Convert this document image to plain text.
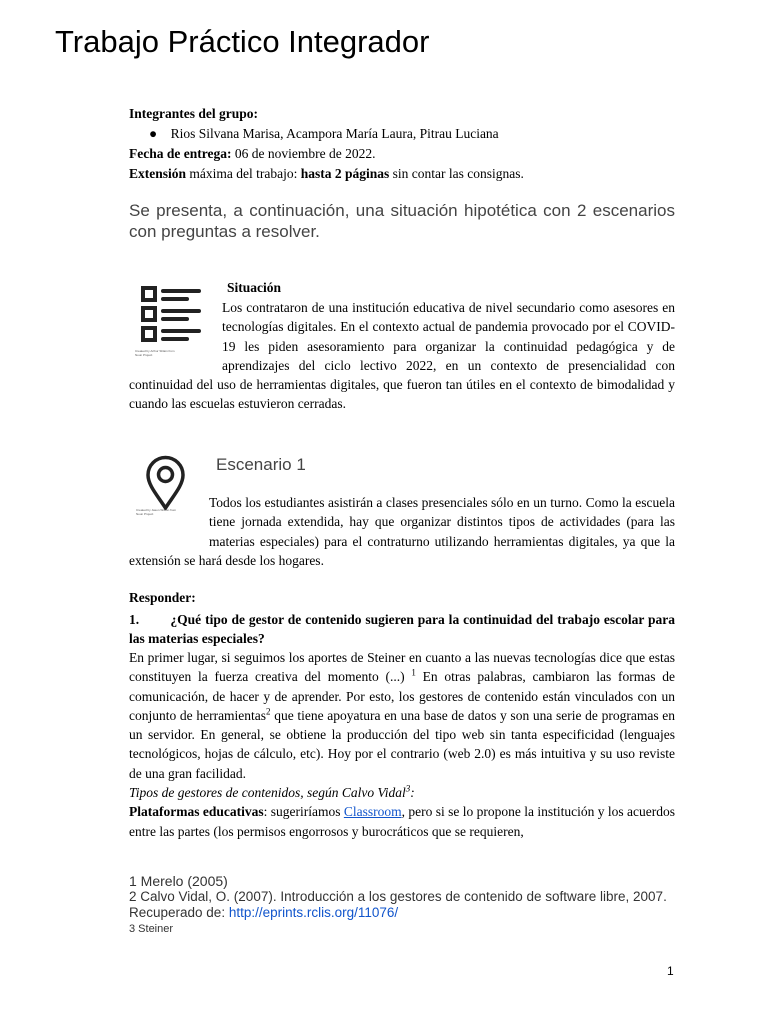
Trabajo Práctico Integrador
Integrantes del grupo:
● Rios Silvana Marisa, Acampora María Laura, Pitrau Luciana
Fecha de entrega: 06 de noviembre de 2022.
Extensión máxima del trabajo: hasta 2 páginas sin contar las consignas.
Se presenta, a continuación, una situación hipotética con 2 escenarios con preguntas a resolver.
Created by Arthur Shlain from Noun Project
Situación
Los contrataron de una institución educativa de nivel secundario como asesores en tecnologías digitales. En el contexto actual de pandemia provocado por el COVID-19 les piden asesoramiento para organizar la continuidad pedagógica y de aprendizajes del ciclo lectivo 2022, en un contexto de presencialidad con continuidad del uso de herramientas digitales, que fueron tan útiles en el contexto de bimodalidad y cuando las escuelas estuvieron cerradas.
Created by Jason Wilson from Noun Project
Escenario 1
Todos los estudiantes asistirán a clases presenciales sólo en un turno. Como la escuela tiene jornada extendida, hay que organizar distintos tipos de actividades (para las materias especiales) para el contraturno utilizando herramientas digitales, ya que la extensión se hará desde los hogares.
Responder:
1. ¿Qué tipo de gestor de contenido sugieren para la continuidad del trabajo escolar para las materias especiales?
En primer lugar, si seguimos los aportes de Steiner en cuanto a las nuevas tecnologías dice que estas constituyen la fuerza creativa del momento (...) $^1$ En otras palabras, cambiaron las formas de comunicación, de hacer y de aprender. Por esto, los gestores de contenido están vinculados con un conjunto de herramientas$^2$ que tiene apoyatura en una base de datos y son una serie de programas en un servidor. En general, se obtiene la producción del tipo web sin tanta especificidad (lenguajes tecnológicos, hojas de cálculo, etc). Hoy por el contrario (web 2.0) es más intuitiva y su uso reviste de una gran facilidad.
Tipos de gestores de contenidos, según Calvo Vidal$^3$:
Plataformas educativas: sugeriríamos Classroom, pero si se lo propone la institución y los acuerdos entre las partes (los permisos engorrosos y burocráticos que se requieren,
1 Merelo (2005)
2 Calvo Vidal, O. (2007). Introducción a los gestores de contenido de software libre, 2007. Recuperado de: http://eprints.rclis.org/11076/
3 Steiner
1
